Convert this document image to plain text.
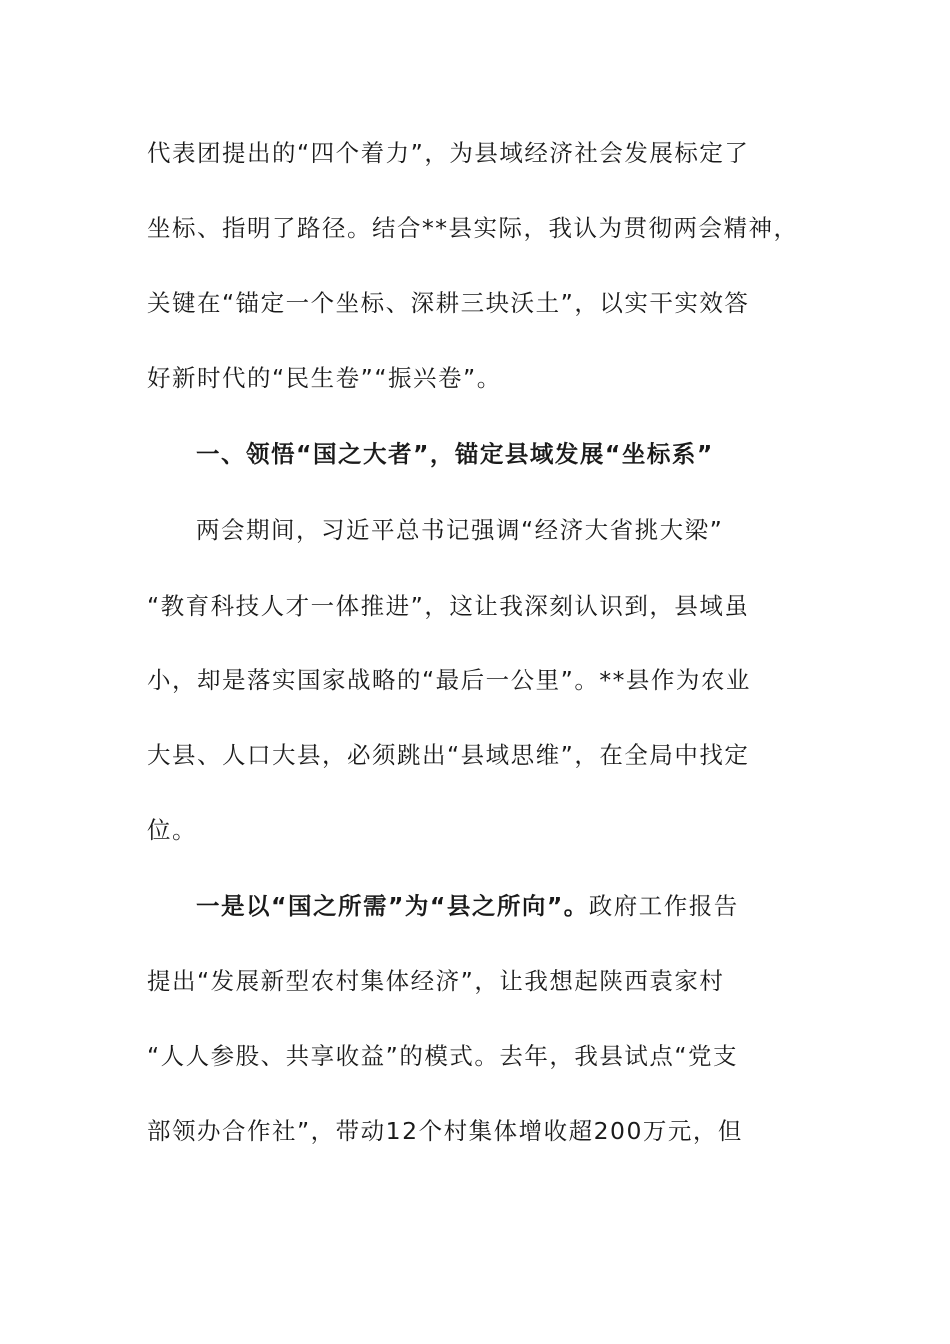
代表团提出的“四个着力”，为县域经济社会发展标定了
坐标、指明了路径。结合**县实际，我认为贯彻两会精神，
关键在“锚定一个坐标、深耕三块沃土”，以实干实效答
好新时代的“民生卷”“振兴卷”。
一、领悟“国之大者”，锚定县域发展“坐标系”
两会期间，习近平总书记强调“经济大省挑大梁”
“教育科技人才一体推进”，这让我深刻认识到，县域虽
小，却是落实国家战略的“最后一公里”。**县作为农业
大县、人口大县，必须跳出“县域思维”，在全局中找定
位。
一是以“国之所需”为“县之所向”。政府工作报告
提出“发展新型农村集体经济”，让我想起陕西袁家村
“人人参股、共享收益”的模式。去年，我县试点“党支
部领办合作社”，带动12个村集体增收超200万元，但
